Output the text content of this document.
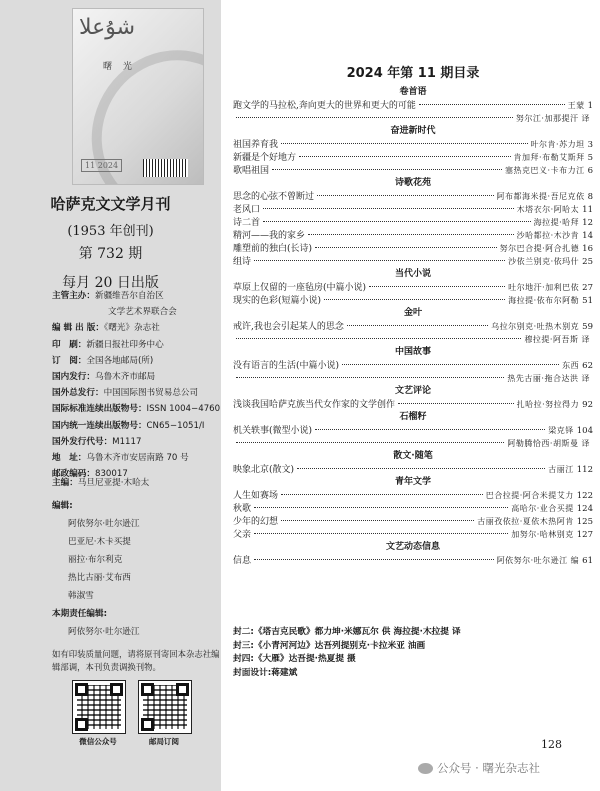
شۇعلا
曙 光
11 2024
哈萨克文文学月刊
(1953 年创刊)
第 732 期
每月 20 日出版
主管主办：新疆维吾尔自治区
文学艺术界联合会
编 辑 出 版：《曙光》杂志社
印　刷：新疆日报社印务中心
订　阅：全国各地邮局(所)
国内发行：乌鲁木齐市邮局
国外总发行：中国国际图书贸易总公司
国际标准连续出版物号：ISSN 1004−4760
国内统一连续出版物号：CN65−1051/I
国外发行代号：M1117
地　址：乌鲁木齐市安居南路 70 号
邮政编码：830017
主编：马旦尼亚提·木哈太
编辑:
阿依努尔·吐尔逊江
巴亚尼·木卡买提
丽拉·布尔利克
热比古丽·艾布西
韩淑雪
本期责任编辑:
阿依努尔·吐尔逊江
如有印装质量问题，请将原刊寄回本杂志社编辑部调，本刊负责调换刊物。
微信公众号	邮局订阅
2024 年第 11 期目录
卷首语
跑文学的马拉松,奔向更大的世界和更大的可能	王蒙 1
努尔江·加那提汗 译
奋进新时代
祖国养育我	叶尔肯·苏力坦 3
新疆是个好地方	肯加拜·布勒艾斯拜 5
歌唱祖国	塞热克巴义·卡布力江 6
诗歌花苑
思念的心弦不曾断过	阿布都海米提·吾尼克依 8
老风口	木塔衣尔·阿哈太 11
诗二首	海拉提·哈拜 12
精河——我的家乡	沙哈都拉·木沙肯 14
雕塑前的独白(长诗)	努尔巴合提·阿合扎德 16
组诗	沙依兰别克·依玛什 25
当代小说
草原上仅留的一座毡房(中篇小说)	吐尔地汗·加利巴依 27
现实的色彩(短篇小说)	海拉提·依布尔阿勒 51
金叶
戒许,我也会引起某人的思念	乌拉尔别克·吐热木别克 59
穆拉提·阿吾斯 译
中国故事
没有语言的生活(中篇小说)	东西 62
热先古丽·拖合达洪 译
文艺评论
浅谈我国哈萨克族当代女作家的文学创作	扎哈拉·努拉得力 92
石榴籽
机关轶事(微型小说)	梁克铎 104
阿勒腾恰西·胡斯曼 译
散文·随笔
映象北京(散文)	古丽江 112
青年文学
人生如赛场	巴合拉提·阿合米提艾力 122
秋歌	高哈尔·业合买提 124
少年的幻想	古丽孜依拉·夏依木热阿肯 125
父亲	加努尔·哈林别克 127
文艺动态信息
信息	阿依努尔·吐尔逊江 编 61
封二:《塔吉克民歌》都力坤·米娜瓦尔 供 海拉提·木拉提 译
封三:《小青河河边》达吾列提别克·卡拉米亚 油画
封四:《大雁》达吾提·热夏提 摄
封面设计:蒋建斌
128
公众号 · 曙光杂志社
